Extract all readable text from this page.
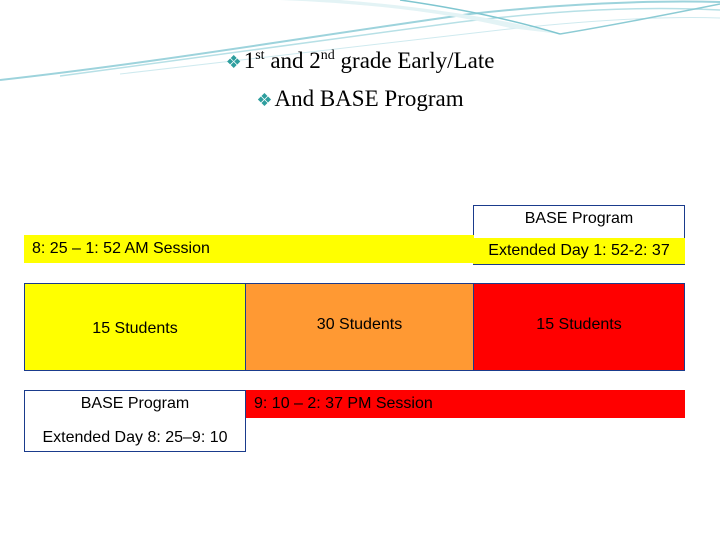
❖1st and 2nd grade Early/Late
❖And BASE Program
BASE Program
Extended Day 1: 52-2: 37
8: 25 – 1: 52 AM Session
15 Students	30 Students	15 Students
BASE Program
Extended Day 8: 25–9: 10
9: 10 – 2: 37 PM Session
